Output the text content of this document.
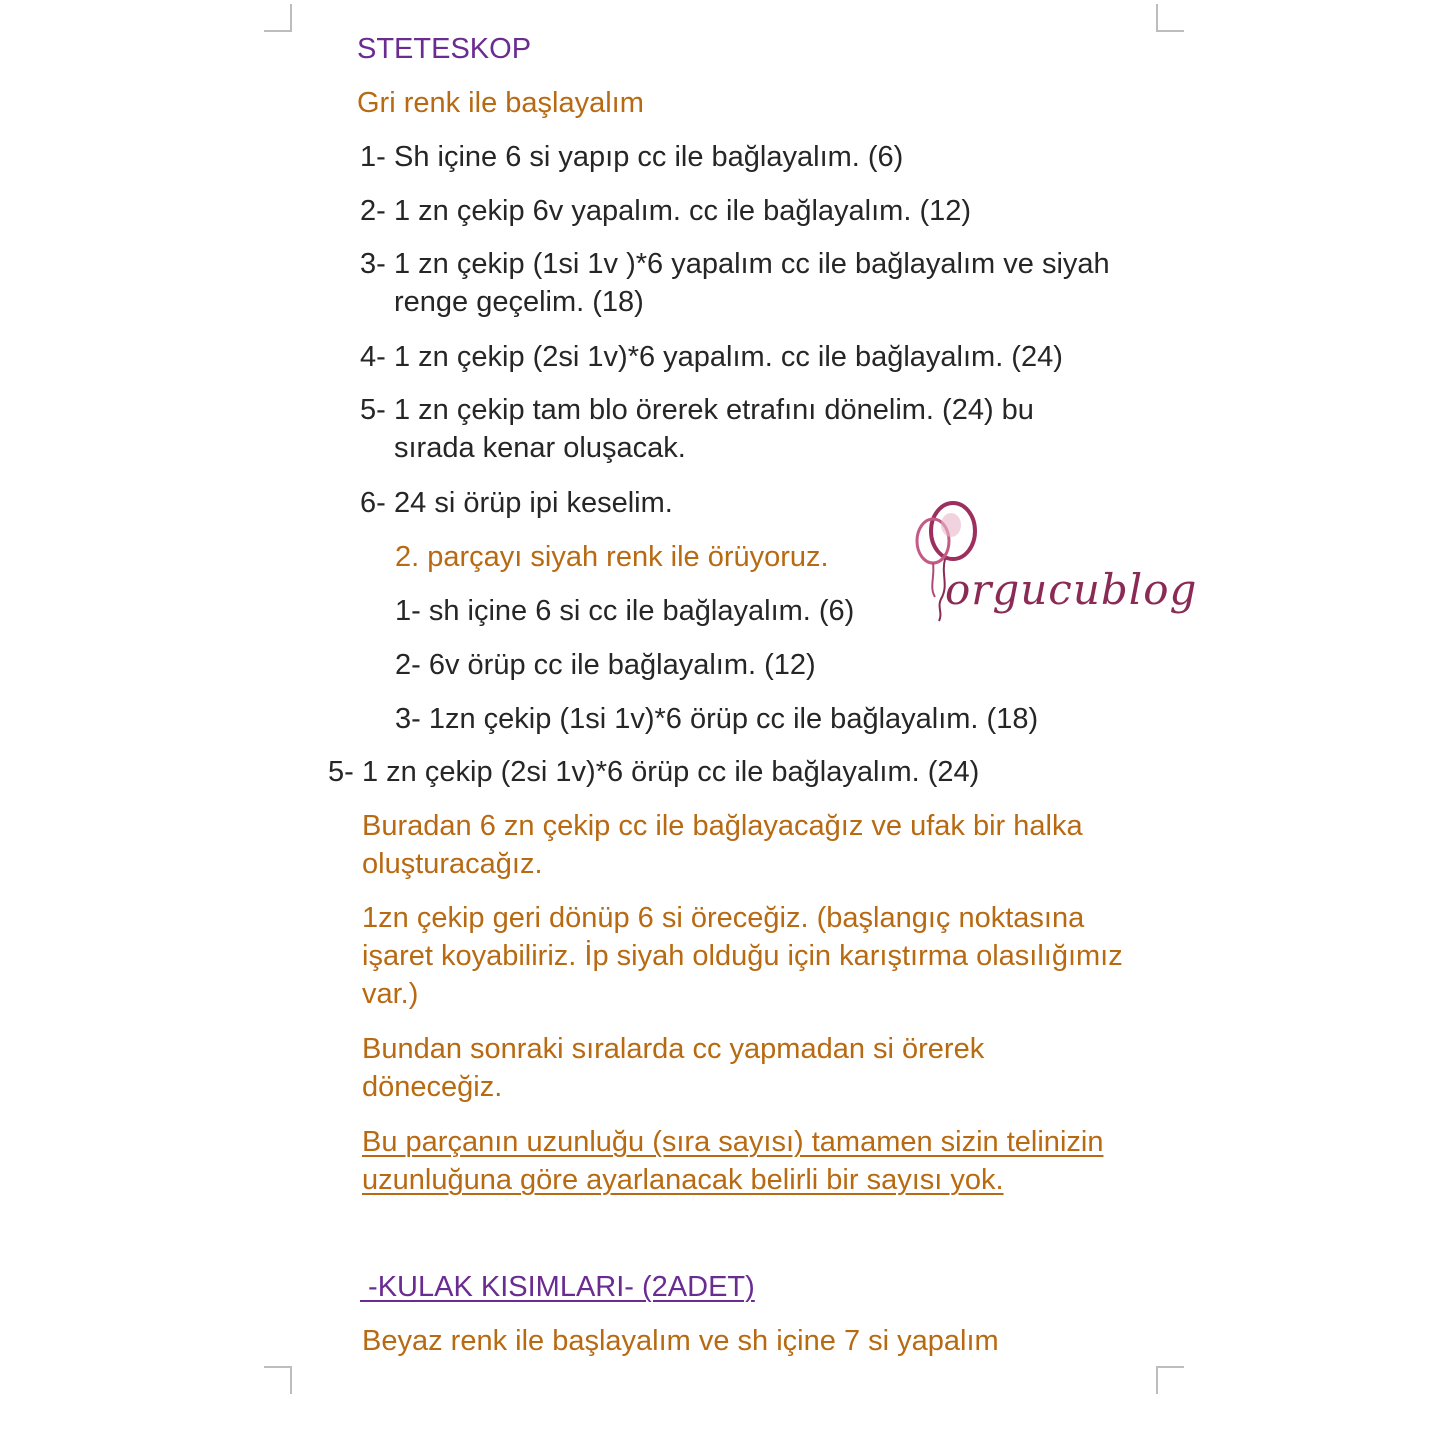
STETESKOP
Gri renk ile başlayalım
1- Sh içine 6 si yapıp cc ile bağlayalım. (6)
2- 1 zn çekip 6v yapalım. cc ile bağlayalım. (12)
3- 1 zn çekip (1si 1v )*6 yapalım cc ile bağlayalım ve siyah renge geçelim. (18)
4- 1 zn çekip (2si 1v)*6 yapalım. cc ile bağlayalım. (24)
5- 1 zn çekip tam blo örerek etrafını dönelim. (24) bu sırada kenar oluşacak.
6- 24 si örüp ipi keselim.
2. parçayı siyah renk ile örüyoruz.
1- sh içine 6 si cc ile bağlayalım. (6)
2- 6v örüp cc ile bağlayalım. (12)
3- 1zn çekip (1si 1v)*6 örüp cc ile bağlayalım. (18)
5- 1 zn çekip (2si 1v)*6 örüp cc ile bağlayalım. (24)
Buradan 6 zn çekip cc ile bağlayacağız ve ufak bir halka oluşturacağız.
1zn çekip geri dönüp 6 si öreceğiz. (başlangıç noktasına işaret koyabiliriz. İp siyah olduğu için karıştırma olasılığımız var.)
Bundan sonraki sıralarda cc yapmadan si örerek döneceğiz.
Bu parçanın uzunluğu (sıra sayısı) tamamen sizin telinizin uzunluğuna göre ayarlanacak belirli bir sayısı yok.
-KULAK KISIMLARI- (2ADET)
Beyaz renk ile başlayalım ve sh içine 7 si yapalım
orgucublog
